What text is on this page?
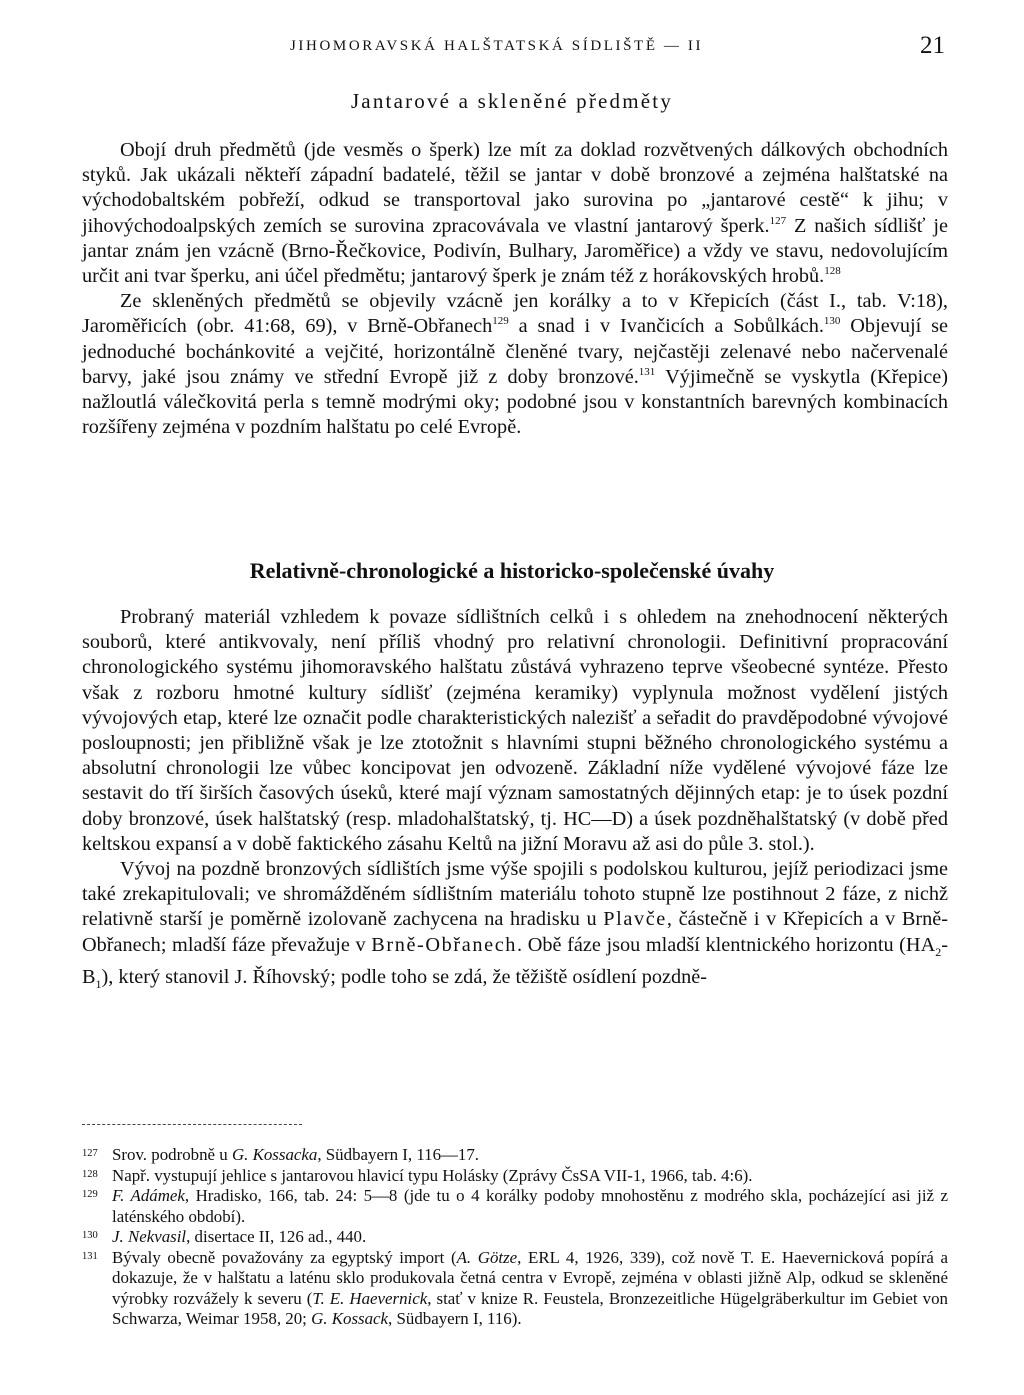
JIHOMORAVSKÁ HALŠTATSKÁ SÍDLIŠTĚ — II	21
Jantarové a skleněné předměty

Obojí druh předmětů (jde vesměs o šperk) lze mít za doklad rozvětvených dálkových obchodních styků. Jak ukázali někteří západní badatelé, těžil se jantar v době bronzové a zejména halštatské na východobaltském pobřeží, odkud se transportoval jako surovina po „jantarové cestě“ k jihu; v jihovýchodoalpských zemích se surovina zpracovávala ve vlastní jantarový šperk.$^{127}$ Z našich sídlišť je jantar znám jen vzácně (Brno-Řečkovice, Podivín, Bulhary, Jaroměřice) a vždy ve stavu, nedovolujícím určit ani tvar šperku, ani účel předmětu; jantarový šperk je znám též z horákovských hrobů.$^{128}$

Ze skleněných předmětů se objevily vzácně jen korálky a to v Křepicích (část I., tab. V:18), Jaroměřicích (obr. 41:68, 69), v Brně-Obřanech$^{129}$ a snad i v Ivančicích a Sobůlkách.$^{130}$ Objevují se jednoduché bochánkovité a vejčité, horizontálně členěné tvary, nejčastěji zelenavé nebo načervenalé barvy, jaké jsou známy ve střední Evropě již z doby bronzové.$^{131}$ Výjimečně se vyskytla (Křepice) nažloutlá válečkovitá perla s temně modrými oky; podobné jsou v konstantních barevných kombinacích rozšířeny zejména v pozdním halštatu po celé Evropě.

Relativně-chronologické a historicko-společenské úvahy

Probraný materiál vzhledem k povaze sídlištních celků i s ohledem na znehodnocení některých souborů, které antikvovaly, není příliš vhodný pro relativní chronologii. Definitivní propracování chronologického systému jihomoravského halštatu zůstává vyhrazeno teprve všeobecné syntéze. Přesto však z rozboru hmotné kultury sídlišť (zejména keramiky) vyplynula možnost vydělení jistých vývojových etap, které lze označit podle charakteristických nalezišť a seřadit do pravděpodobné vývojové posloupnosti; jen přibližně však je lze ztotožnit s hlavními stupni běžného chronologického systému a absolutní chronologii lze vůbec koncipovat jen odvozeně. Základní níže vydělené vývojové fáze lze sestavit do tří širších časových úseků, které mají význam samostatných dějinných etap: je to úsek pozdní doby bronzové, úsek halštatský (resp. mladohalštatský, tj. HC—D) a úsek pozdněhalštatský (v době před keltskou expansí a v době faktického zásahu Keltů na jižní Moravu až asi do půle 3. stol.).

Vývoj na pozdně bronzových sídlištích jsme výše spojili s podolskou kulturou, jejíž periodizaci jsme také zrekapitulovali; ve shromážděném sídlištním materiálu tohoto stupně lze postihnout 2 fáze, z nichž relativně starší je poměrně izolovaně zachycena na hradisku u Plavče, částečně i v Křepicích a v Brně-Obřanech; mladší fáze převažuje v Brně-Obřanech. Obě fáze jsou mladší klentnického horizontu $(HA_2-B_1)$, který stanovil J. Říhovský; podle toho se zdá, že těžiště osídlení pozdně-

127 Srov. podrobně u G. Kossacka, Südbayern I, 116—17.
128 Např. vystupují jehlice s jantarovou hlavicí typu Holásky (Zprávy ČsSA VII-1, 1966, tab. 4:6).
129 F. Adámek, Hradisko, 166, tab. 24: 5—8 (jde tu o 4 korálky podoby mnohostěnu z modrého skla, pocházející asi již z laténského období).
130 J. Nekvasil, disertace II, 126 ad., 440.
131 Bývaly obecně považovány za egyptský import (A. Götze, ERL 4, 1926, 339), což nově T. E. Haevernicková popírá a dokazuje, že v halštatu a laténu sklo produkovala četná centra v Evropě, zejména v oblasti jižně Alp, odkud se skleněné výrobky rozvážely k severu (T. E. Haevernick, stať v knize R. Feustela, Bronzezeitliche Hügelgräberkultur im Gebiet von Schwarza, Weimar 1958, 20; G. Kossack, Südbayern I, 116).
